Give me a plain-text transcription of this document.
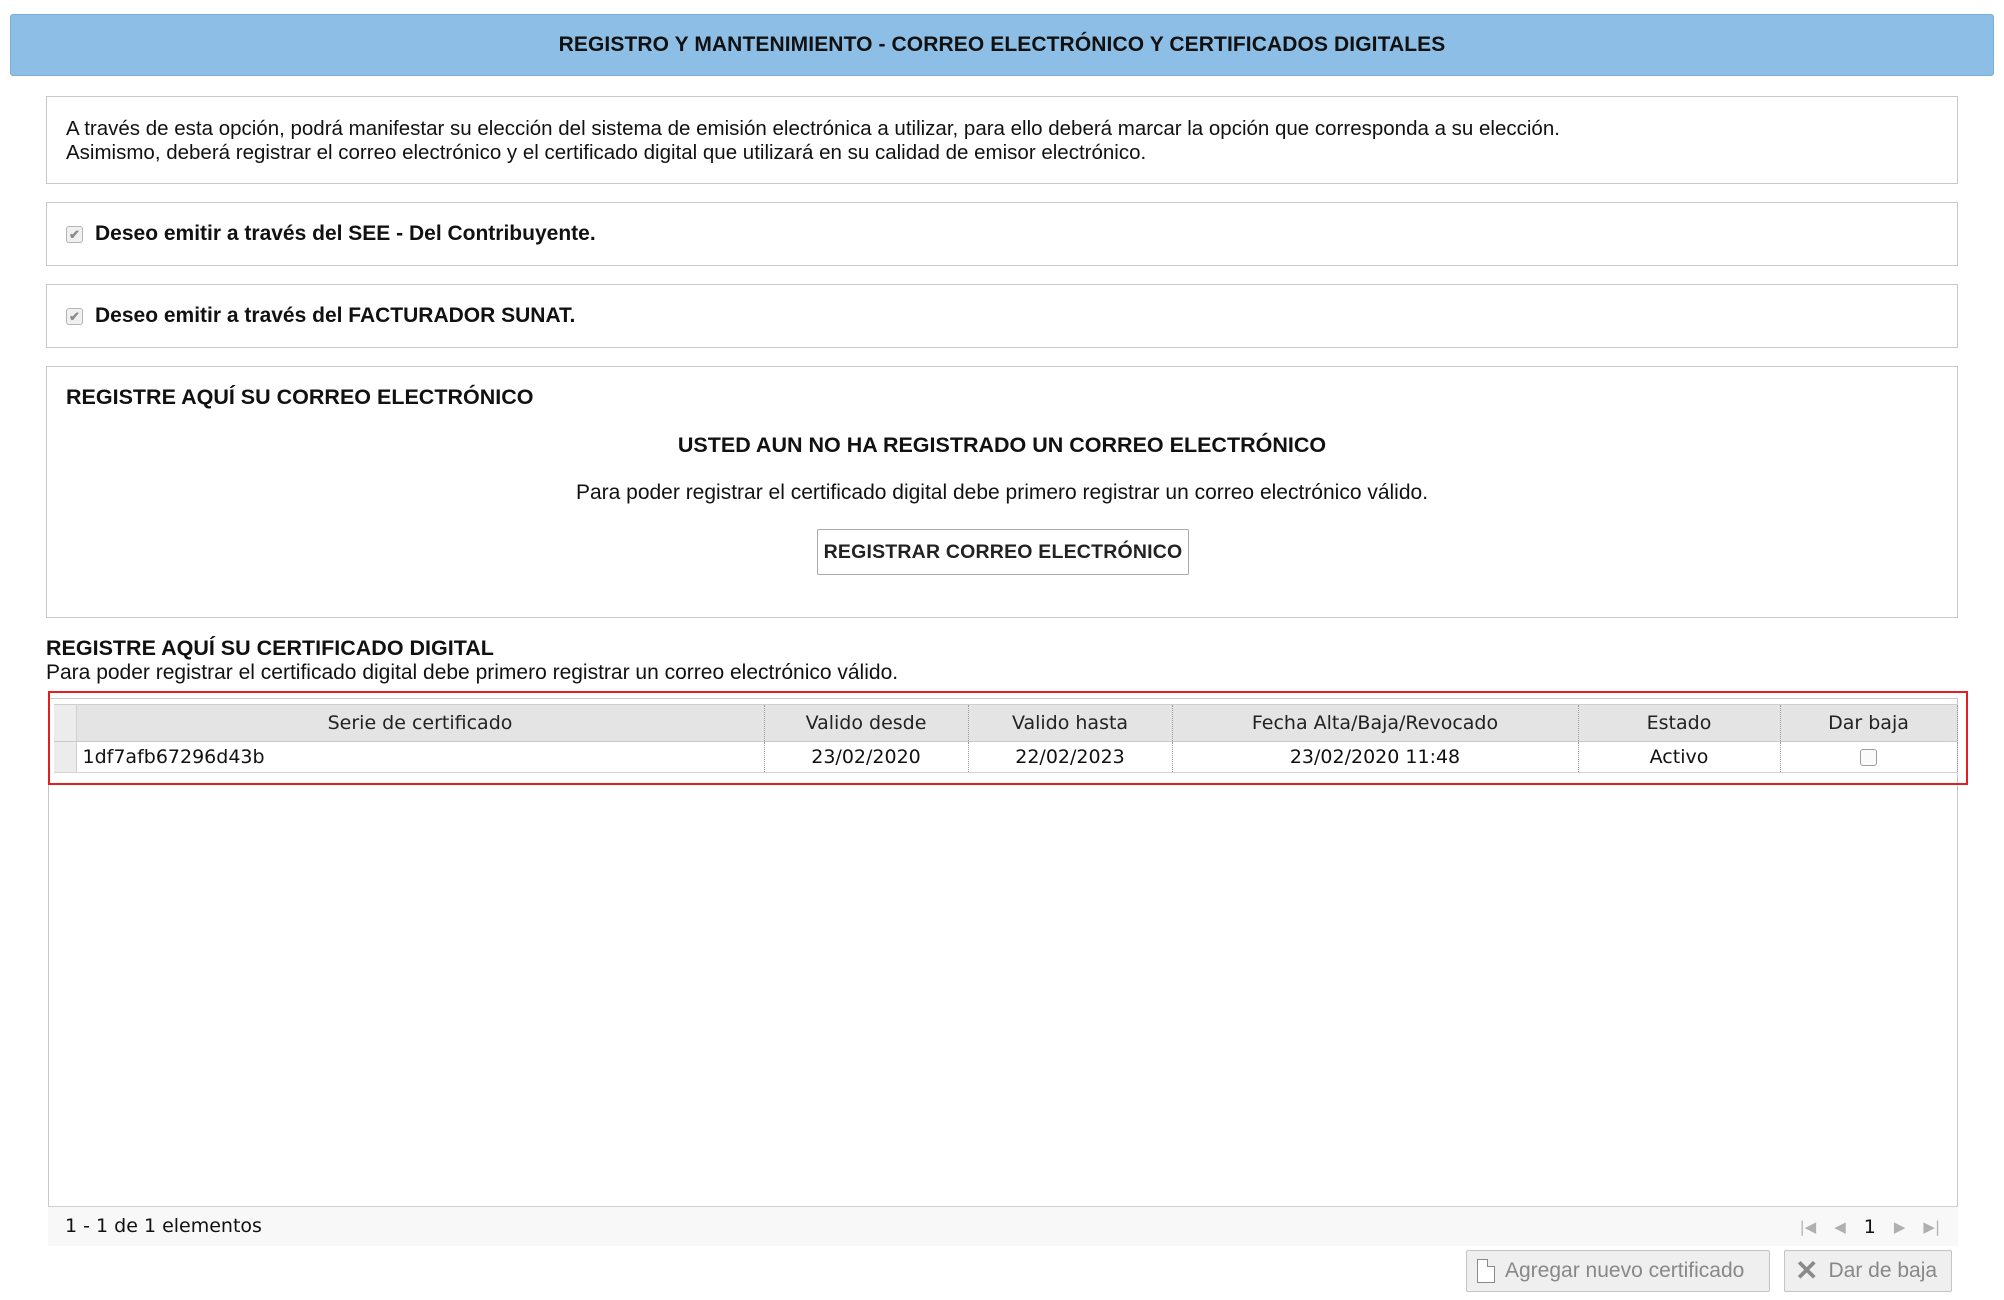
REGISTRO Y MANTENIMIENTO - CORREO ELECTRÓNICO Y CERTIFICADOS DIGITALES
A través de esta opción, podrá manifestar su elección del sistema de emisión electrónica a utilizar, para ello deberá marcar la opción que corresponda a su elección.
Asimismo, deberá registrar el correo electrónico y el certificado digital que utilizará en su calidad de emisor electrónico.
✔ Deseo emitir a través del SEE - Del Contribuyente.
✔ Deseo emitir a través del FACTURADOR SUNAT.
REGISTRE AQUÍ SU CORREO ELECTRÓNICO
USTED AUN NO HA REGISTRADO UN CORREO ELECTRÓNICO
Para poder registrar el certificado digital debe primero registrar un correo electrónico válido.
REGISTRAR CORREO ELECTRÓNICO
REGISTRE AQUÍ SU CERTIFICADO DIGITAL
Para poder registrar el certificado digital debe primero registrar un correo electrónico válido.
	Serie de certificado	Valido desde	Valido hasta	Fecha Alta/Baja/Revocado	Estado	Dar baja
	1df7afb67296d43b	23/02/2020	22/02/2023	23/02/2020 11:48	Activo	
1 - 1 de 1 elementos	|◀ ◀ 1 ▶ ▶|
Agregar nuevo certificado ✕ Dar de baja
